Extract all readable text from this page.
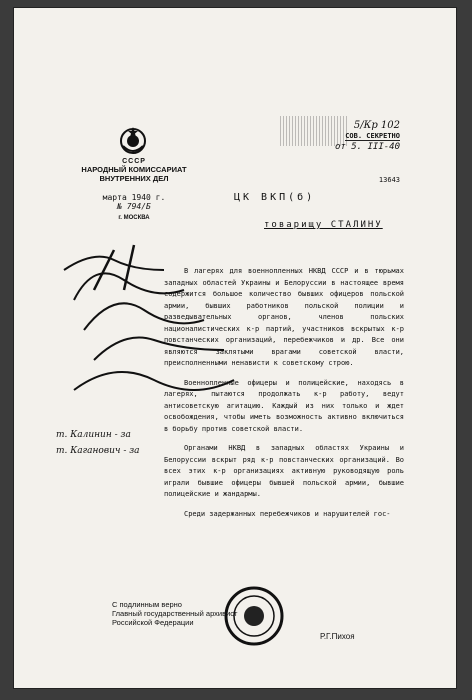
СССР
НАРОДНЫЙ КОМИССАРИАТ
ВНУТРЕННИХ ДЕЛ
марта 1940 г.
№ 794/Б
г. МОСКВА
5/Кр 102
СОВ. СЕКРЕТНО
от 5. III-40
13643
ЦК ВКП(б)
товарищу СТАЛИНУ

В лагерях для военнопленных НКВД СССР и в тюрьмах западных областей Украины и Белоруссии в настоящее время содержится большое количество бывших офицеров польской армии, бывших работников польской полиции и разведывательных органов, членов польских националистических к-р партий, участников вскрытых к-р повстанческих организаций, перебежчиков и др. Все они являются заклятыми врагами советской власти, преисполненными ненависти к советскому строю.

Военнопленные офицеры и полицейские, находясь в лагерях, пытаются продолжать к-р работу, ведут антисоветскую агитацию. Каждый из них только и ждет освобождения, чтобы иметь возможность активно включиться в борьбу против советской власти.

Органами НКВД в западных областях Украины и Белоруссии вскрыт ряд к-р повстанческих организаций. Во всех этих к-р организациях активную руководящую роль играли бывшие офицеры бывшей польской армии, бывшие полицейские и жандармы.

Среди задержанных перебежчиков и нарушителей гос-

т. Калинин - за
т. Каганович - за
С подлинным верно
Главный государственный архивист
Российской Федерации
Р.Г.Пихоя
